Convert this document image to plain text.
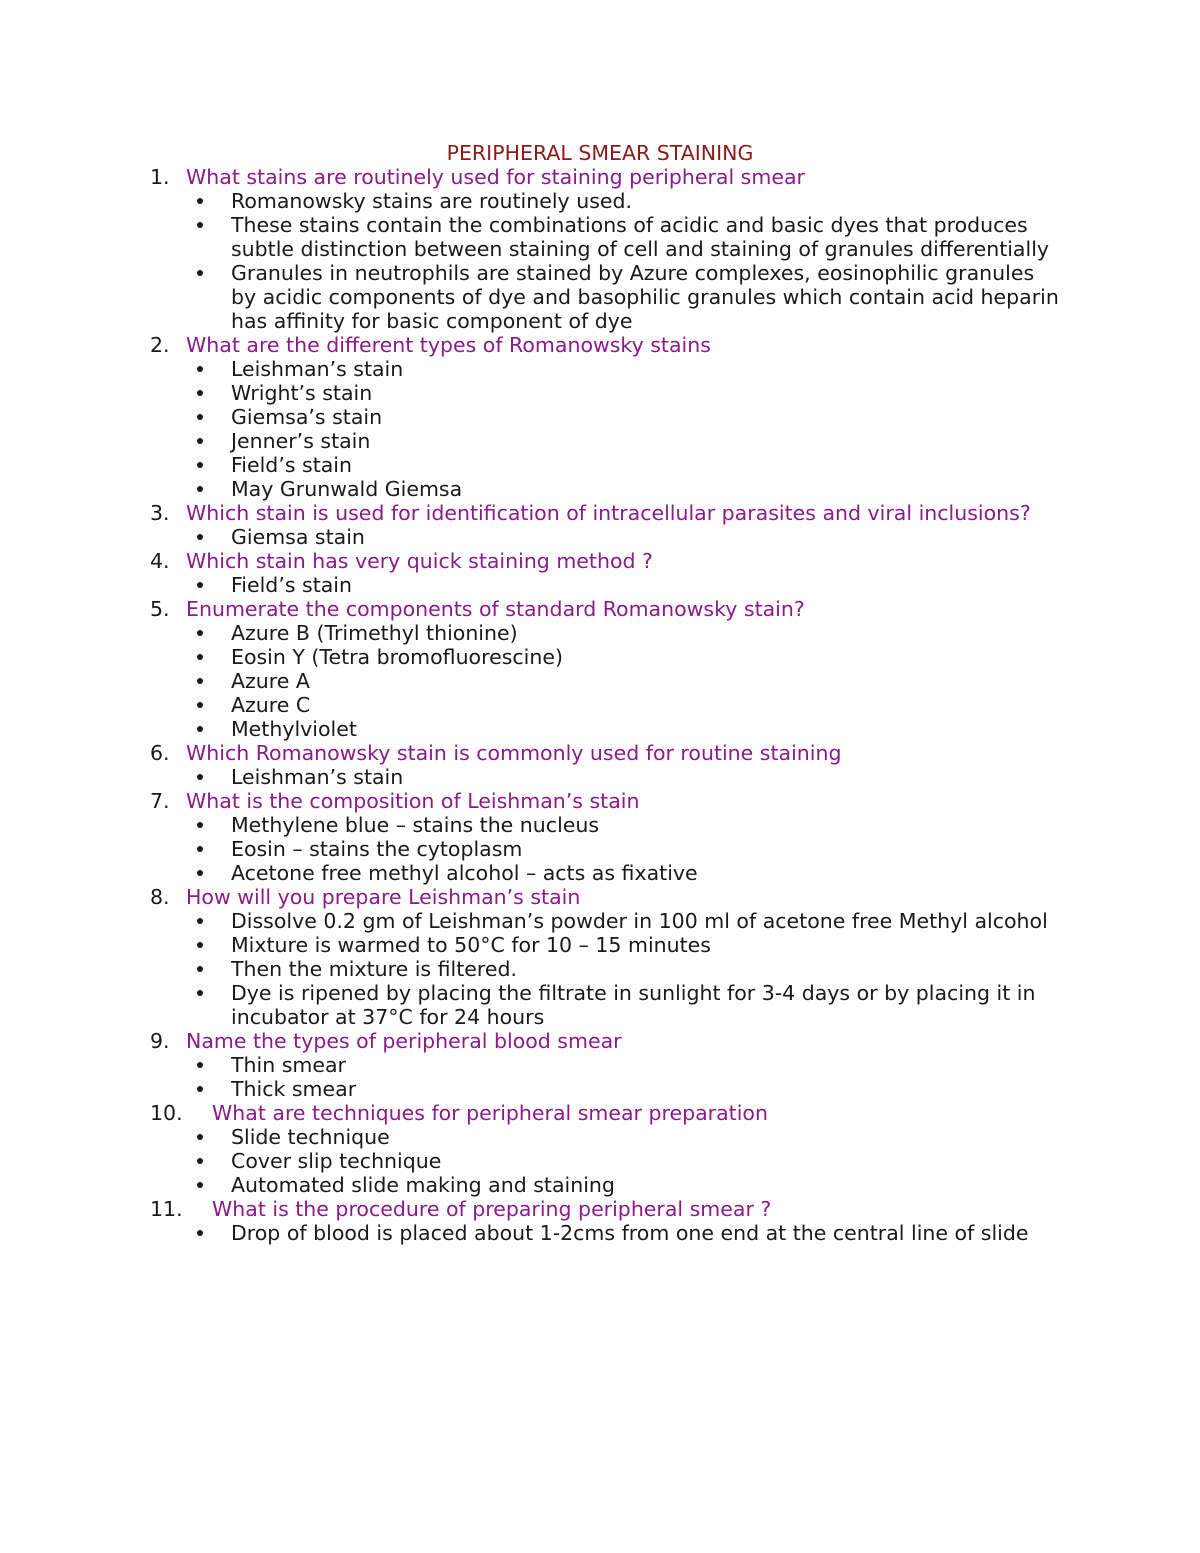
PERIPHERAL SMEAR STAINING
1. What stains are routinely used for staining peripheral smear
Romanowsky stains are routinely used.
These stains contain the combinations of acidic and basic dyes that produces subtle distinction between staining of cell and staining of granules differentially
Granules in neutrophils are stained by Azure complexes, eosinophilic granules by acidic components of dye and basophilic granules which contain acid heparin has affinity for basic component of dye
2. What are the different types of Romanowsky stains
Leishman’s stain
Wright’s stain
Giemsa’s stain
Jenner’s stain
Field’s stain
May Grunwald Giemsa
3. Which stain is used for identification of intracellular parasites and viral inclusions?
Giemsa stain
4. Which stain has very quick staining method ?
Field’s stain
5. Enumerate the components of standard Romanowsky stain?
Azure B (Trimethyl thionine)
Eosin Y (Tetra bromofluorescine)
Azure A
Azure C
Methylviolet
6. Which Romanowsky stain is commonly used for routine staining
Leishman’s stain
7. What is the composition of Leishman’s stain
Methylene blue – stains the nucleus
Eosin – stains the cytoplasm
Acetone free methyl alcohol – acts as fixative
8. How will you prepare Leishman’s stain
Dissolve 0.2 gm of Leishman’s powder in 100 ml of acetone free Methyl alcohol
Mixture is warmed to 50°C for 10 – 15 minutes
Then the mixture is filtered.
Dye is ripened by placing the filtrate in sunlight for 3-4 days or by placing it in incubator at 37°C for 24 hours
9. Name the types of peripheral blood smear
Thin smear
Thick smear
10. What are techniques for peripheral smear preparation
Slide technique
Cover slip technique
Automated slide making and staining
11. What is the procedure of preparing peripheral smear ?
Drop of blood is placed about 1-2cms from one end at the central line of slide
